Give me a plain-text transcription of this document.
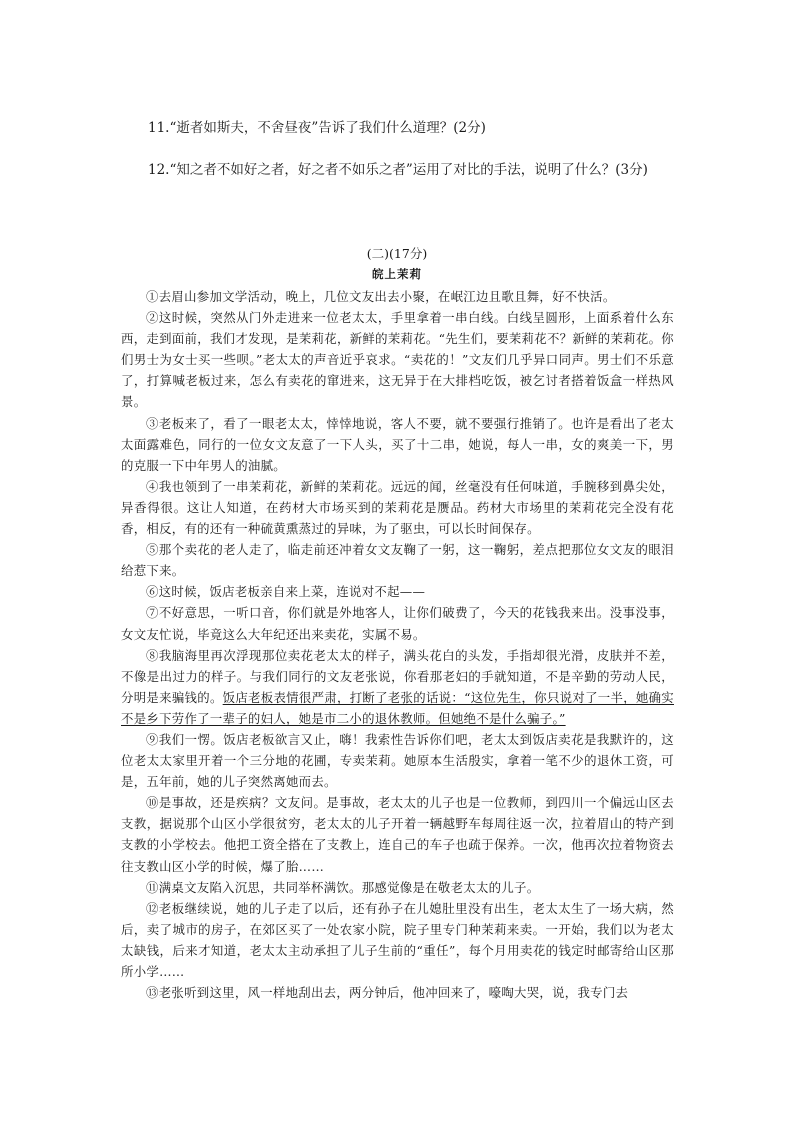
11.“逝者如斯夫，不舍昼夜”告诉了我们什么道理？(2分)
12.“知之者不如好之者，好之者不如乐之者”运用了对比的手法，说明了什么？(3分)
(二)(17分)
皖上茉莉

①去眉山参加文学活动，晚上，几位文友出去小聚，在岷江边且歌且舞，好不快活。

②这时候，突然从门外走进来一位老太太，手里拿着一串白线。白线呈圆形，上面系着什么东西，走到面前，我们才发现，是茉莉花，新鲜的茉莉花。“先生们，要茉莉花不？新鲜的茉莉花。你们男士为女士买一些呗。”老太太的声音近乎哀求。“卖花的！”文友们几乎异口同声。男士们不乐意了，打算喊老板过来，怎么有卖花的窜进来，这无异于在大排档吃饭，被乞讨者搭着饭盒一样热风景。

③老板来了，看了一眼老太太，悻悻地说，客人不要，就不要强行推销了。也许是看出了老太太面露难色，同行的一位女文友意了一下人头，买了十二串，她说，每人一串，女的爽美一下，男的克服一下中年男人的油腻。

④我也领到了一串茉莉花，新鲜的茉莉花。远远的闻，丝毫没有任何味道，手腕移到鼻尖处，异香得很。这让人知道，在药材大市场买到的茉莉花是赝品。药材大市场里的茉莉花完全没有花香，相反，有的还有一种硫黄熏蒸过的异味，为了驱虫，可以长时间保存。

⑤那个卖花的老人走了，临走前还冲着女文友鞠了一躬，这一鞠躬，差点把那位女文友的眼泪给惹下来。

⑥这时候，饭店老板亲自来上菜，连说对不起——

⑦不好意思，一听口音，你们就是外地客人，让你们破费了，今天的花钱我来出。没事没事，女文友忙说，毕竟这么大年纪还出来卖花，实属不易。

⑧我脑海里再次浮现那位卖花老太太的样子，满头花白的头发，手指却很光滑，皮肤并不差，不像是出过力的样子。与我们同行的文友老张说，你看那老妇的手就知道，不是辛勤的劳动人民，分明是来骗钱的。饭店老板表情很严肃，打断了老张的话说：“这位先生，你只说对了一半，她确实不是乡下劳作了一辈子的妇人，她是市二小的退休教师。但她绝不是什么骗子。”

⑨我们一愣。饭店老板欲言又止，嗨！我索性告诉你们吧，老太太到饭店卖花是我默许的，这位老太太家里开着一个三分地的花圃，专卖茉莉。她原本生活殷实，拿着一笔不少的退休工资，可是，五年前，她的儿子突然离她而去。

⑩是事故，还是疾病？文友问。是事故，老太太的儿子也是一位教师，到四川一个偏远山区去支教，据说那个山区小学很贫穷，老太太的儿子开着一辆越野车每周往返一次，拉着眉山的特产到支教的小学校去。他把工资全搭在了支教上，连自己的车子也疏于保养。一次，他再次拉着物资去往支教山区小学的时候，爆了胎……

⑪满桌文友陷入沉思，共同举杯满饮。那感觉像是在敬老太太的儿子。

⑫老板继续说，她的儿子走了以后，还有孙子在儿媳肚里没有出生，老太太生了一场大病，然后，卖了城市的房子，在郊区买了一处农家小院，院子里专门种茉莉来卖。一开始，我们以为老太太缺钱，后来才知道，老太太主动承担了儿子生前的“重任”，每个月用卖花的钱定时邮寄给山区那所小学……

⑬老张听到这里，风一样地刮出去，两分钟后，他冲回来了，嚎啕大哭，说，我专门去
